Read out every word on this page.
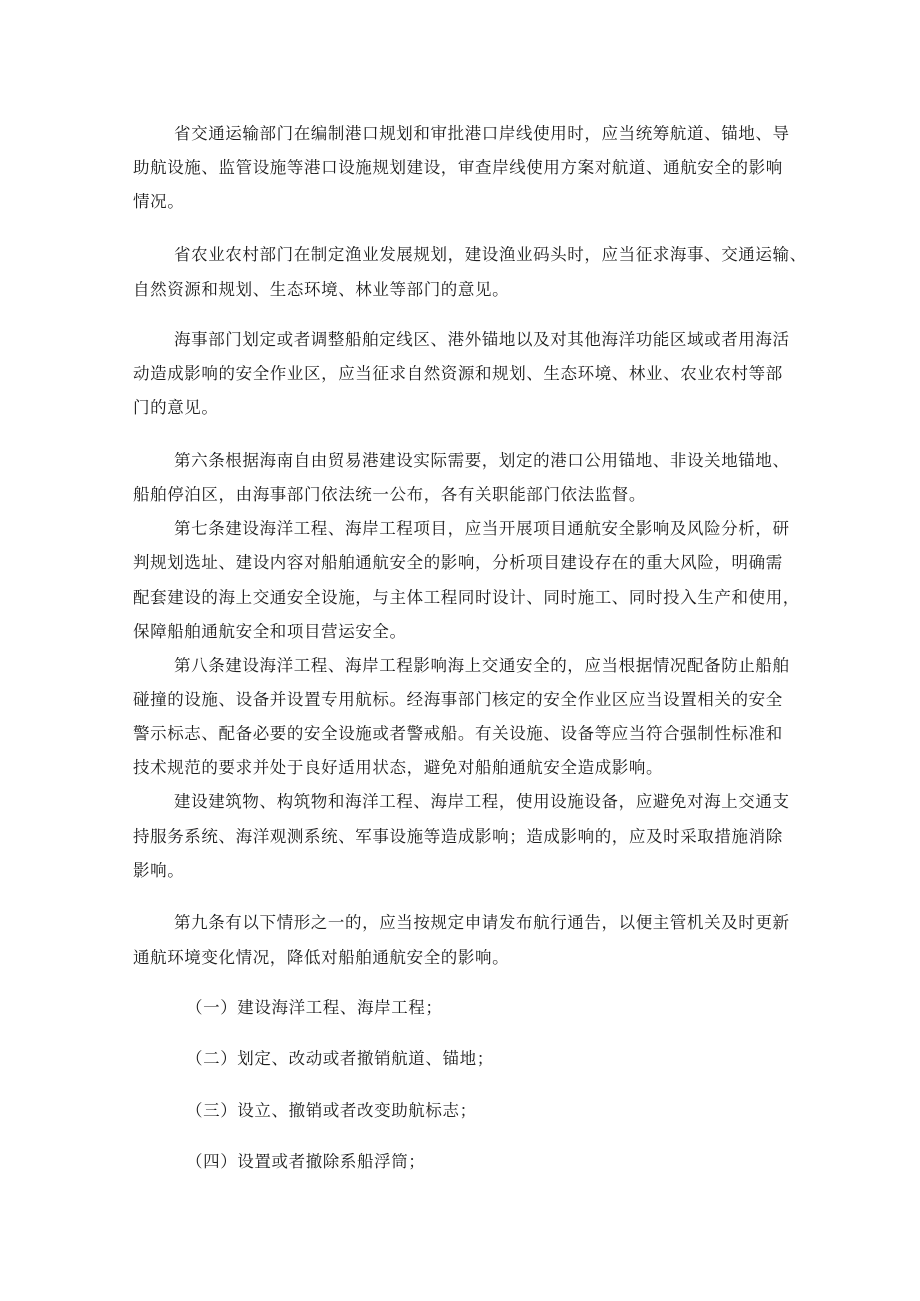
省交通运输部门在编制港口规划和审批港口岸线使用时，应当统筹航道、锚地、导
助航设施、监管设施等港口设施规划建设，审查岸线使用方案对航道、通航安全的影响
情况。
省农业农村部门在制定渔业发展规划，建设渔业码头时，应当征求海事、交通运输、
自然资源和规划、生态环境、林业等部门的意见。
海事部门划定或者调整船舶定线区、港外锚地以及对其他海洋功能区域或者用海活
动造成影响的安全作业区，应当征求自然资源和规划、生态环境、林业、农业农村等部
门的意见。
第六条根据海南自由贸易港建设实际需要，划定的港口公用锚地、非设关地锚地、
船舶停泊区，由海事部门依法统一公布，各有关职能部门依法监督。
第七条建设海洋工程、海岸工程项目，应当开展项目通航安全影响及风险分析，研
判规划选址、建设内容对船舶通航安全的影响，分析项目建设存在的重大风险，明确需
配套建设的海上交通安全设施，与主体工程同时设计、同时施工、同时投入生产和使用，
保障船舶通航安全和项目营运安全。
第八条建设海洋工程、海岸工程影响海上交通安全的，应当根据情况配备防止船舶
碰撞的设施、设备并设置专用航标。经海事部门核定的安全作业区应当设置相关的安全
警示标志、配备必要的安全设施或者警戒船。有关设施、设备等应当符合强制性标准和
技术规范的要求并处于良好适用状态，避免对船舶通航安全造成影响。
建设建筑物、构筑物和海洋工程、海岸工程，使用设施设备，应避免对海上交通支
持服务系统、海洋观测系统、军事设施等造成影响；造成影响的，应及时采取措施消除
影响。
第九条有以下情形之一的，应当按规定申请发布航行通告，以便主管机关及时更新
通航环境变化情况，降低对船舶通航安全的影响。
（一）建设海洋工程、海岸工程；
（二）划定、改动或者撤销航道、锚地；
（三）设立、撤销或者改变助航标志；
（四）设置或者撤除系船浮筒；
